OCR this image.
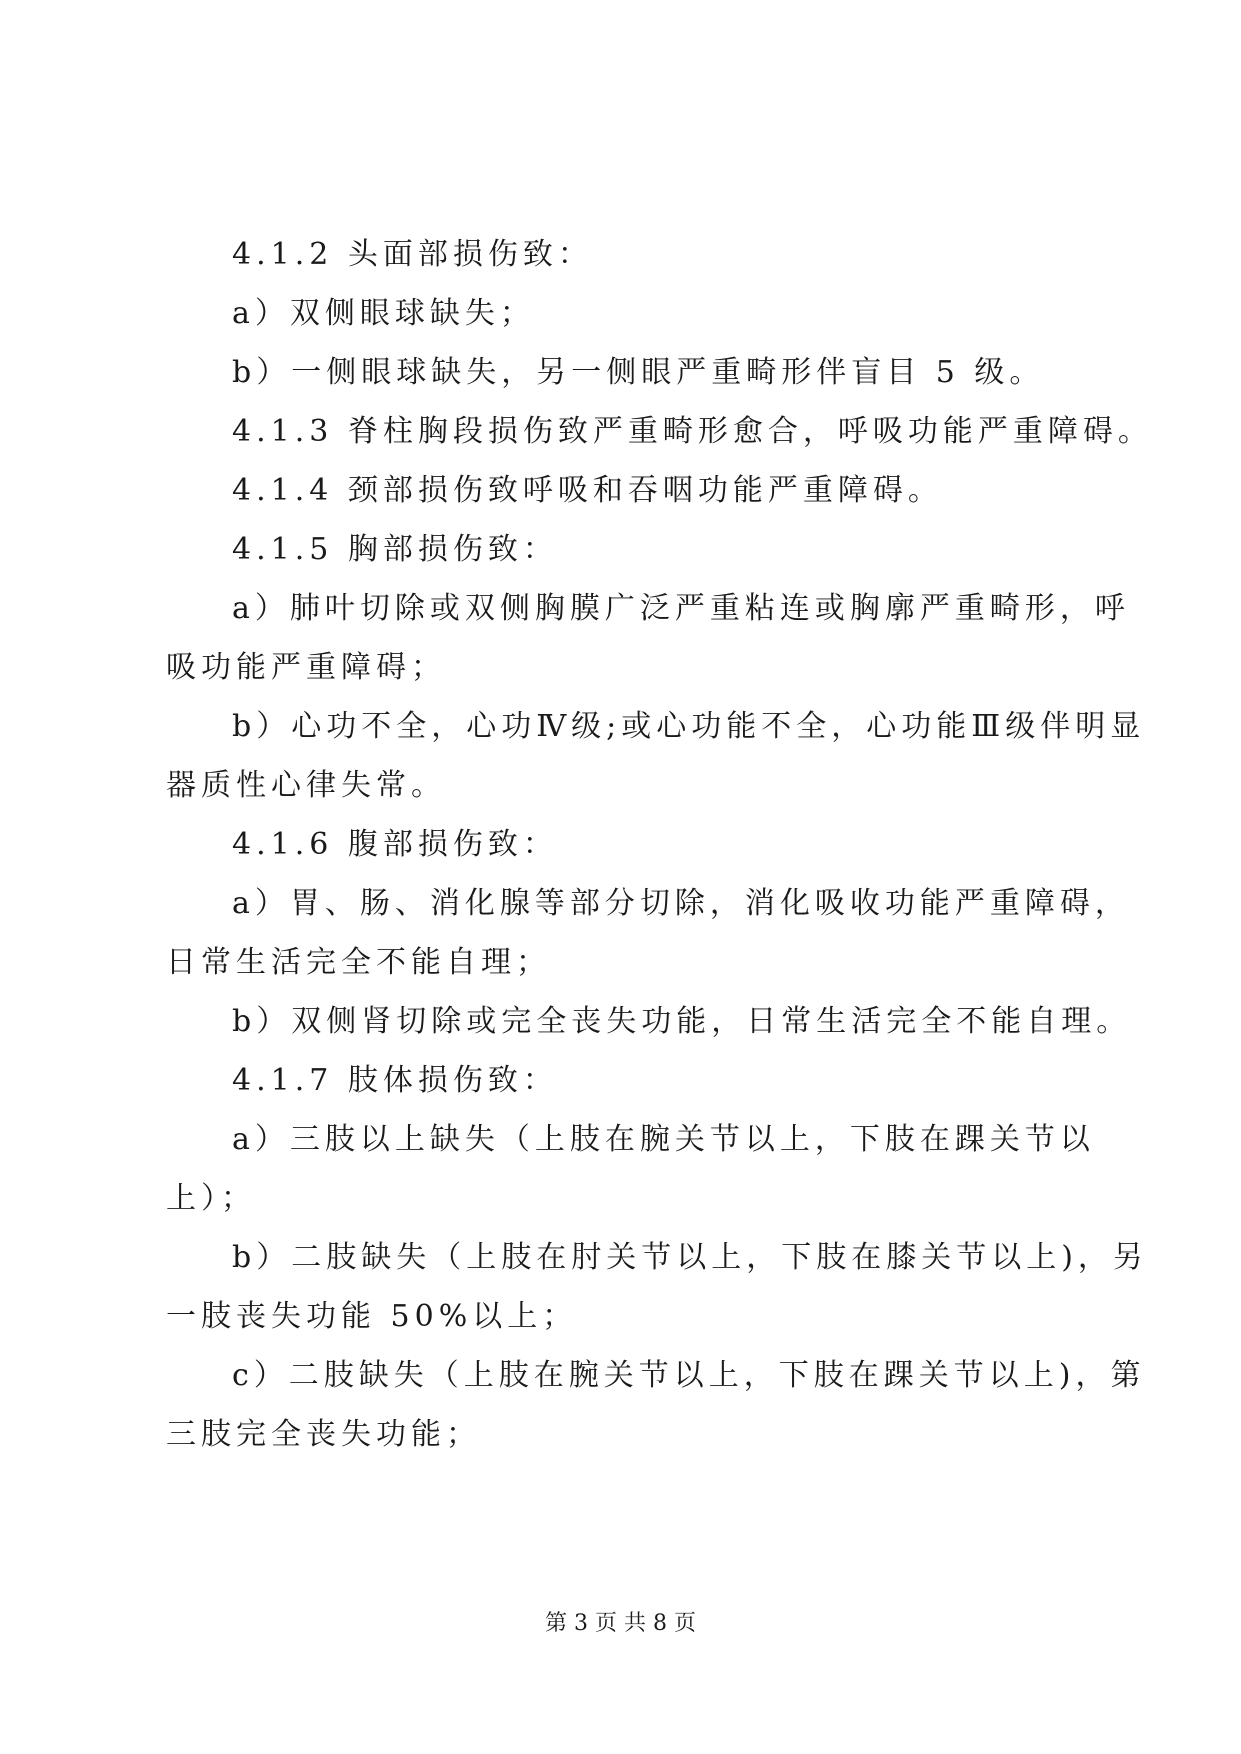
4.1.2 头面部损伤致：
a）双侧眼球缺失；
b）一侧眼球缺失，另一侧眼严重畸形伴盲目 5 级。
4.1.3 脊柱胸段损伤致严重畸形愈合，呼吸功能严重障碍。
4.1.4 颈部损伤致呼吸和吞咽功能严重障碍。
4.1.5 胸部损伤致：
a）肺叶切除或双侧胸膜广泛严重粘连或胸廓严重畸形，呼
吸功能严重障碍；
b）心功不全，心功Ⅳ级;或心功能不全，心功能Ⅲ级伴明显
器质性心律失常。
4.1.6 腹部损伤致：
a）胃、肠、消化腺等部分切除，消化吸收功能严重障碍，
日常生活完全不能自理；
b）双侧肾切除或完全丧失功能，日常生活完全不能自理。
4.1.7 肢体损伤致：
a）三肢以上缺失（上肢在腕关节以上，下肢在踝关节以
上）；
b）二肢缺失（上肢在肘关节以上，下肢在膝关节以上)，另
一肢丧失功能 50%以上；
c）二肢缺失（上肢在腕关节以上，下肢在踝关节以上)，第
三肢完全丧失功能；
第 3 页 共 8 页
